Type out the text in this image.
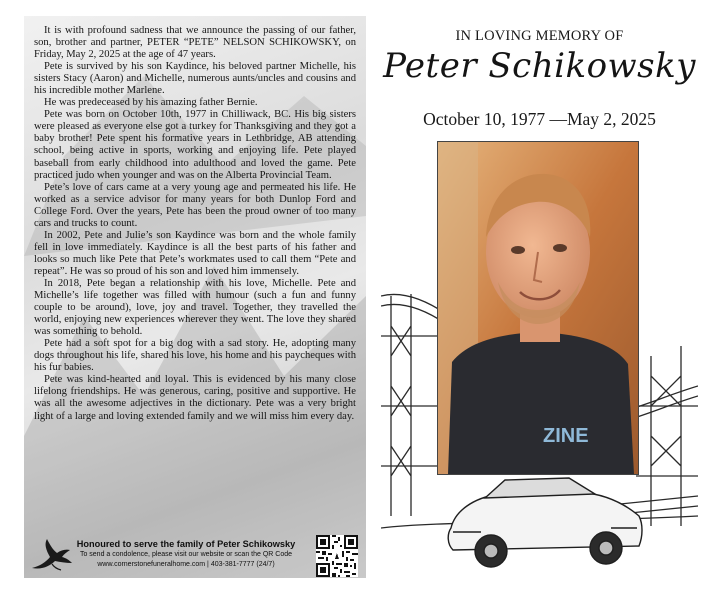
It is with profound sadness that we announce the passing of our father, son, brother and partner, PETER “PETE” NELSON SCHIKOWSKY, on Friday, May 2, 2025 at the age of 47 years.

Pete is survived by his son Kaydince, his beloved partner Michelle, his sisters Stacy (Aaron) and Michelle, numerous aunts/uncles and cousins and his incredible mother Marlene.

He was predeceased by his amazing father Bernie.

Pete was born on October 10th, 1977 in Chilliwack, BC. His big sisters were pleased as everyone else got a turkey for Thanksgiving and they got a baby brother! Pete spent his formative years in Lethbridge, AB attending school, being active in sports, working and enjoying life. Pete played baseball from early childhood into adulthood and loved the game. Pete practiced judo when younger and was on the Alberta Provincial Team.

Pete’s love of cars came at a very young age and permeated his life. He worked as a service advisor for many years for both Dunlop Ford and College Ford. Over the years, Pete has been the proud owner of too many cars and trucks to count.

In 2002, Pete and Julie’s son Kaydince was born and the whole family fell in love immediately. Kaydince is all the best parts of his father and looks so much like Pete that Pete’s workmates used to call them “Pete and repeat”. He was so proud of his son and loved him immensely.

In 2018, Pete began a relationship with his love, Michelle. Pete and Michelle’s life together was filled with humour (such a fun and funny couple to be around), love, joy and travel. Together, they travelled the world, enjoying new experiences wherever they went. The love they shared was something to behold.

Pete had a soft spot for a big dog with a sad story. He, adopting many dogs throughout his life, shared his love, his home and his paycheques with his fur babies.

Pete was kind-hearted and loyal. This is evidenced by his many close lifelong friendships. He was generous, caring, positive and supportive. He was all the awesome adjectives in the dictionary. Pete was a very bright light of a large and loving extended family and we will miss him every day.

Honoured to serve the family of Peter Schikowsky
To send a condolence, please visit our website or scan the QR Code
www.cornerstonefuneralhome.com | 403-381-7777 (24/7)
IN LOVING MEMORY OF
Peter Schikowsky
October 10, 1977 —May 2, 2025
ZINE
